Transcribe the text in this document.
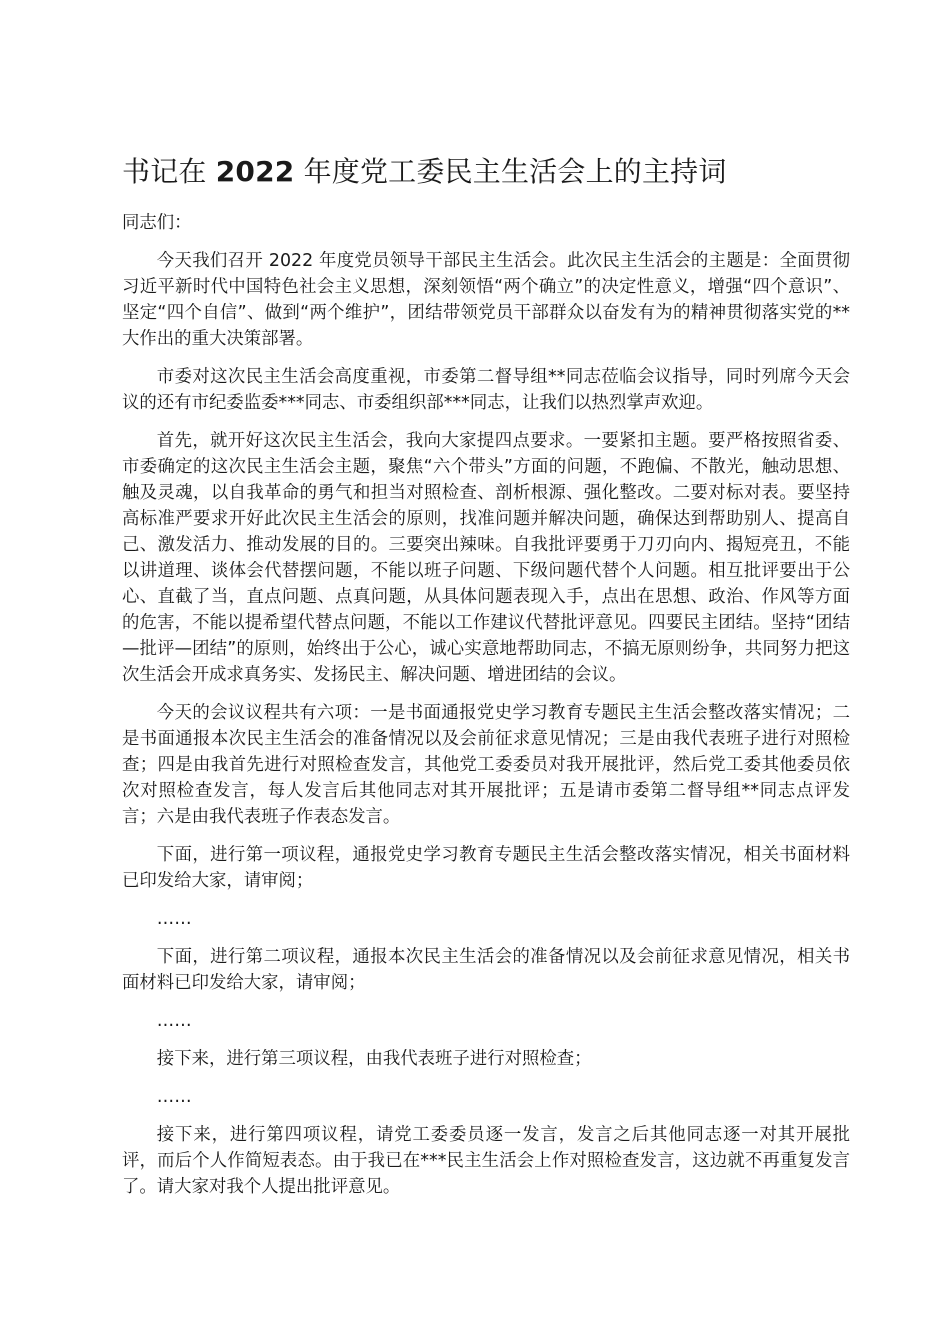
书记在 2022 年度党工委民主生活会上的主持词

同志们：

今天我们召开 2022 年度党员领导干部民主生活会。此次民主生活会的主题是：全面贯彻习近平新时代中国特色社会主义思想，深刻领悟“两个确立”的决定性意义，增强“四个意识”、坚定“四个自信”、做到“两个维护”，团结带领党员干部群众以奋发有为的精神贯彻落实党的**大作出的重大决策部署。

市委对这次民主生活会高度重视，市委第二督导组**同志莅临会议指导，同时列席今天会议的还有市纪委监委***同志、市委组织部***同志，让我们以热烈掌声欢迎。

首先，就开好这次民主生活会，我向大家提四点要求。一要紧扣主题。要严格按照省委、市委确定的这次民主生活会主题，聚焦“六个带头”方面的问题，不跑偏、不散光，触动思想、触及灵魂，以自我革命的勇气和担当对照检查、剖析根源、强化整改。二要对标对表。要坚持高标准严要求开好此次民主生活会的原则，找准问题并解决问题，确保达到帮助别人、提高自己、激发活力、推动发展的目的。三要突出辣味。自我批评要勇于刀刃向内、揭短亮丑，不能以讲道理、谈体会代替摆问题，不能以班子问题、下级问题代替个人问题。相互批评要出于公心、直截了当，直点问题、点真问题，从具体问题表现入手，点出在思想、政治、作风等方面的危害，不能以提希望代替点问题，不能以工作建议代替批评意见。四要民主团结。坚持“团结—批评—团结”的原则，始终出于公心，诚心实意地帮助同志，不搞无原则纷争，共同努力把这次生活会开成求真务实、发扬民主、解决问题、增进团结的会议。

今天的会议议程共有六项：一是书面通报党史学习教育专题民主生活会整改落实情况；二是书面通报本次民主生活会的准备情况以及会前征求意见情况；三是由我代表班子进行对照检查；四是由我首先进行对照检查发言，其他党工委委员对我开展批评，然后党工委其他委员依次对照检查发言，每人发言后其他同志对其开展批评；五是请市委第二督导组**同志点评发言；六是由我代表班子作表态发言。

下面，进行第一项议程，通报党史学习教育专题民主生活会整改落实情况，相关书面材料已印发给大家，请审阅；

……

下面，进行第二项议程，通报本次民主生活会的准备情况以及会前征求意见情况，相关书面材料已印发给大家，请审阅；

……

接下来，进行第三项议程，由我代表班子进行对照检查；

……

接下来，进行第四项议程，请党工委委员逐一发言，发言之后其他同志逐一对其开展批评，而后个人作简短表态。由于我已在***民主生活会上作对照检查发言，这边就不再重复发言了。请大家对我个人提出批评意见。
